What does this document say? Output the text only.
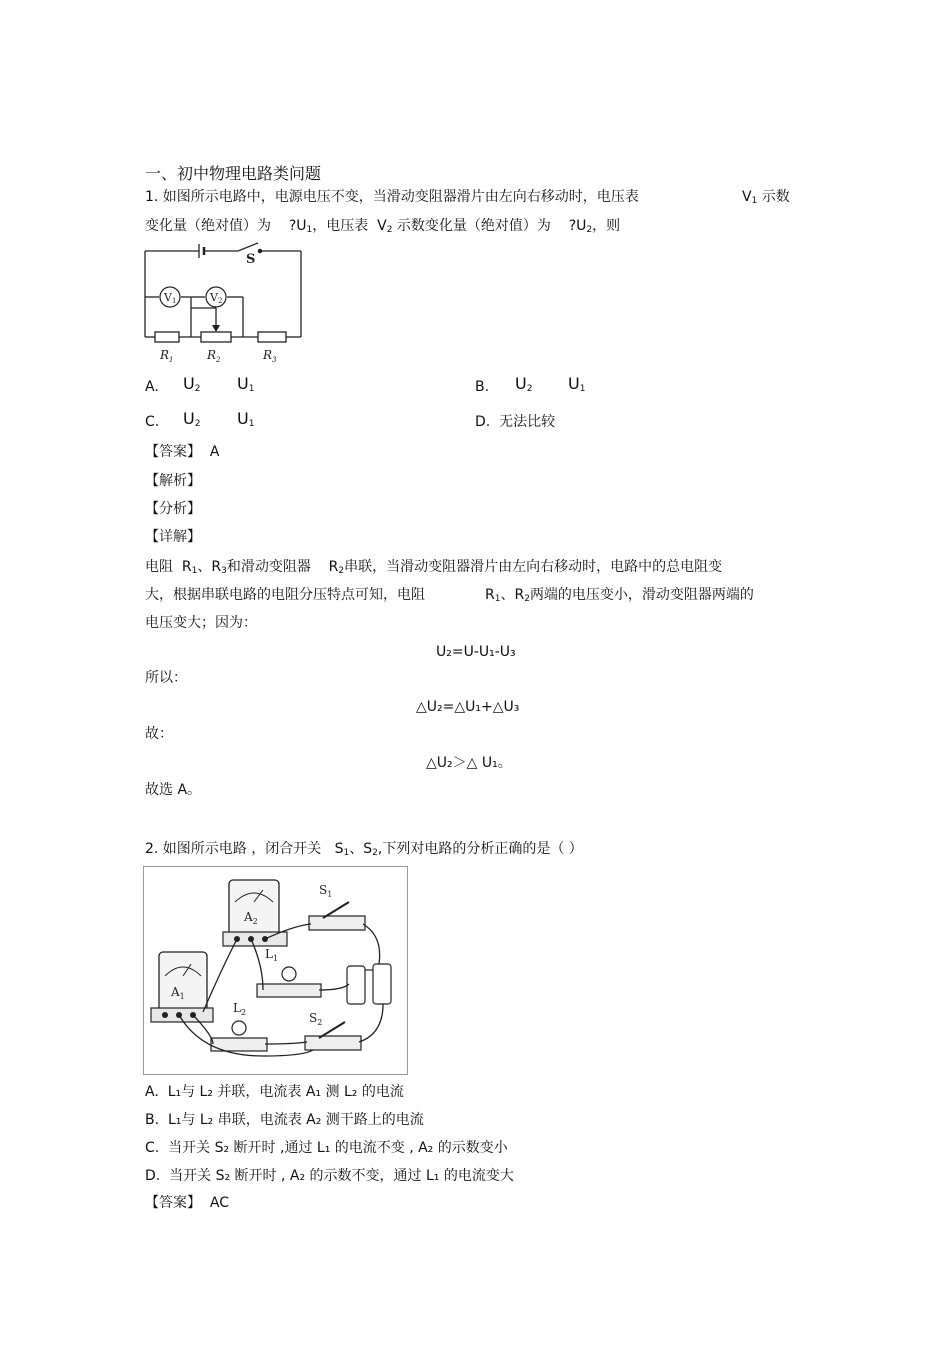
一、初中物理电路类问题
1. 如图所示电路中，电源电压不变，当滑动变阻器滑片由左向右移动时，电压表	$V_1$ 示数
变化量（绝对值）为 $?U_1$，电压表 $V_2$ 示数变化量（绝对值）为 $?U_2$，则
V1	V2
S
$R_1$	$R_2$	$R_3$
A. $U_2$ $U_1$	B. $U_2$ $U_1$
C. $U_2$ $U_1$	D. 无法比较
【答案】 A
【解析】
【分析】
【详解】
电阻 $R_1$、$R_3$和滑动变阻器 $R_2$串联，当滑动变阻器滑片由左向右移动时，电路中的总电阻变
大，根据串联电路的电阻分压特点可知，电阻	$R_1$、$R_2$两端的电压变小，滑动变阻器两端的
电压变大；因为：
U₂=U-U₁-U₃
所以：
△U₂=△U₁+△U₃
故：
△U₂＞△ U₁。
故选 A。
2. 如图所示电路 ，闭合开关 $S_1$、$S_2$,下列对电路的分析正确的是（ ）
$A_2$
$A_1$
$S_1$
$S_2$
$L_1$
$L_2$
A. L₁与 L₂ 并联，电流表 A₁ 测 L₂ 的电流
B. L₁与 L₂ 串联，电流表 A₂ 测干路上的电流
C. 当开关 S₂ 断开时 ,通过 L₁ 的电流不变 , A₂ 的示数变小
D. 当开关 S₂ 断开时 , A₂ 的示数不变，通过 L₁ 的电流变大
【答案】 AC
